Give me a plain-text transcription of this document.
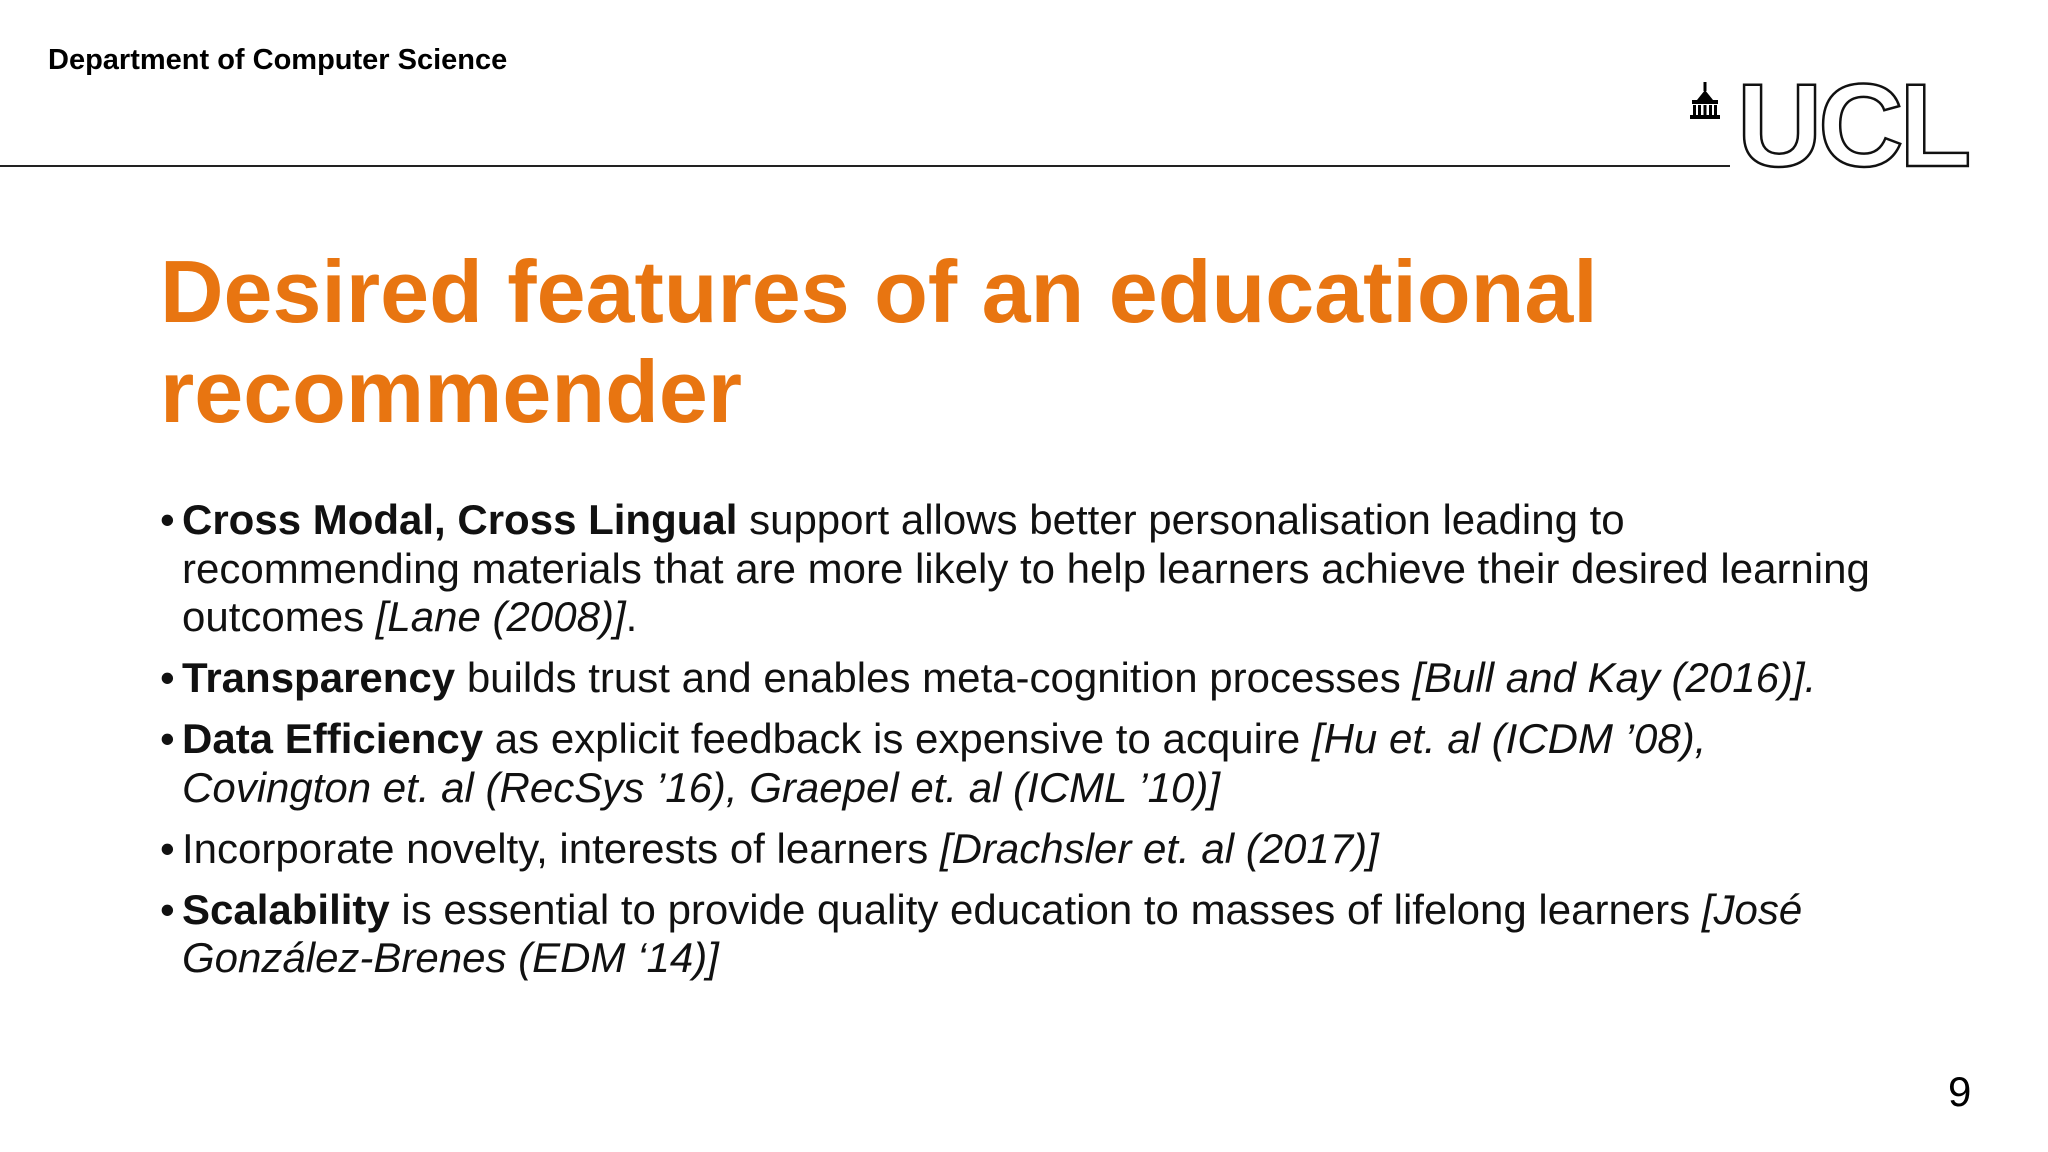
Department of Computer Science	UCL
Desired features of an educational recommender
• Cross Modal, Cross Lingual support allows better personalisation leading to recommending materials that are more likely to help learners achieve their desired learning outcomes [Lane (2008)].
• Transparency builds trust and enables meta-cognition processes [Bull and Kay (2016)].
• Data Efficiency as explicit feedback is expensive to acquire [Hu et. al (ICDM ’08), Covington et. al (RecSys ’16), Graepel et. al (ICML ’10)]
• Incorporate novelty, interests of learners [Drachsler et. al (2017)]
• Scalability is essential to provide quality education to masses of lifelong learners [José González-Brenes (EDM ‘14)]
9
